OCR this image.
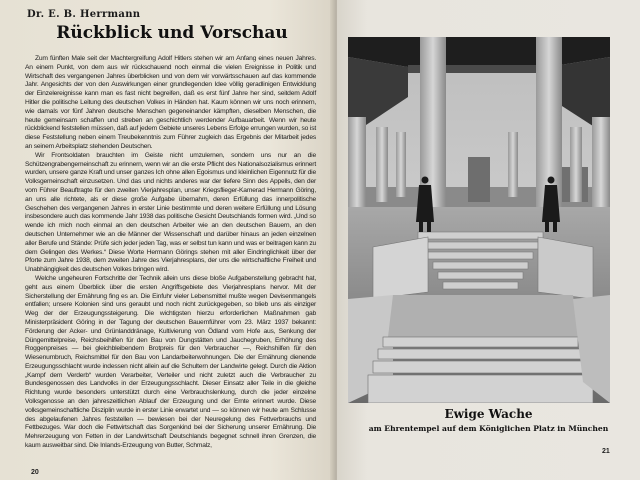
Dr. E. B. Herrmann
Rückblick und Vorschau

Zum fünften Male seit der Machtergreifung Adolf Hitlers stehen wir am Anfang eines neuen Jahres. An einem Punkt, von dem aus wir rückschauend noch einmal die vielen Ereignisse in Politik und Wirtschaft des vergangenen Jahres überblicken und von dem wir vorwärtsschauen auf das kommende Jahr. Angesichts der von den Auswirkungen einer grundlegenden Idee völlig geradlinigen Entwicklung der Einzelereignisse kann man es fast nicht begreifen, daß es erst fünf Jahre her sind, seitdem Adolf Hitler die politische Leitung des deutschen Volkes in Händen hat. Kaum können wir uns noch erinnern, wie damals vor fünf Jahren deutsche Menschen gegeneinander kämpften, dieselben Menschen, die heute gemeinsam schaffen und streben an geschichtlich werdender Aufbauarbeit. Wenn wir heute rückblickend feststellen müssen, daß auf jedem Gebiete unseres Lebens Erfolge errungen wurden, so ist diese Feststellung neben einem Treubekenntnis zum Führer zugleich das Ergebnis der Mitarbeit jedes an seinem Arbeitsplatz stehenden Deutschen.

Wir Frontsoldaten brauchten im Geiste nicht umzulernen, sondern uns nur an die Schützengrabengemeinschaft zu erinnern, wenn wir an die erste Pflicht des Nationalsozialismus erinnert wurden, unsere ganze Kraft und unser ganzes Ich ohne allen Egoismus und kleinlichen Eigennutz für die Volksgemeinschaft einzusetzen. Und das und nichts anderes war der tiefere Sinn des Appells, den der vom Führer Beauftragte für den zweiten Vierjahresplan, unser Kriegsflieger-Kamerad Hermann Göring, an uns alle richtete, als er diese große Aufgabe übernahm, deren Erfüllung das innerpolitische Geschehen des vergangenen Jahres in erster Linie bestimmte und deren weitere Erfüllung und Lösung insbesondere auch das kommende Jahr 1938 das politische Gesicht Deutschlands formen wird. „Und so wende ich mich noch einmal an den deutschen Arbeiter wie an den deutschen Bauern, an den deutschen Unternehmer wie an die Männer der Wissenschaft und darüber hinaus an jeden einzelnen aller Berufe und Stände: Prüfe sich jeder jeden Tag, was er selbst tun kann und was er beitragen kann zu dem Gelingen des Werkes.“ Diese Worte Hermann Görings stehen mit aller Eindringlichkeit über der Pforte zum Jahre 1938, dem zweiten Jahre des Vierjahresplans, der uns die wirtschaftliche Freiheit und Unabhängigkeit des deutschen Volkes bringen wird.

Welche ungeheuren Fortschritte der Technik allein uns diese bloße Aufgabenstellung gebracht hat, geht aus einem Überblick über die ersten Angriffsgebiete des Vierjahresplans hervor. Mit der Sicherstellung der Ernährung fing es an. Die Einfuhr vieler Lebensmittel mußte wegen Devisenmangels entfallen; unsere Kolonien sind uns geraubt und noch nicht zurückgegeben, so blieb uns als einziger Weg der der Erzeugungssteigerung. Die wichtigsten hierzu erforderlichen Maßnahmen gab Ministerpräsident Göring in der Tagung der deutschen Bauernführer vom 23. März 1937 bekannt: Förderung der Acker- und Grünlanddränage, Kultivierung von Ödland vom Hofe aus, Senkung der Düngemittelpreise, Reichsbeihilfen für den Bau von Dungstätten und Jauchegruben, Erhöhung des Roggenpreises — bei gleichbleibendem Brotpreis für den Verbraucher —, Reichshilfen für den Wiesenumbruch, Reichsmittel für den Bau von Landarbeiterwohnungen. Die der Ernährung dienende Erzeugungsschlacht wurde indessen nicht allein auf die Schultern der Landwirte gelegt. Durch die Aktion „Kampf dem Verderb“ wurden Verarbeiter, Verteiler und nicht zuletzt auch die Verbraucher zu Bundesgenossen des Landvolks in der Erzeugungsschlacht. Dieser Einsatz aller Teile in die gleiche Richtung wurde besonders unterstützt durch eine Verbrauchslenkung, durch die jeder einzelne Volksgenosse an den jahreszeitlichen Ablauf der Erzeugung und der Ernte erinnert wurde. Diese volksgemeinschaftliche Disziplin wurde in erster Linie erwartet und — so können wir heute am Schlusse des abgelaufenen Jahres feststellen — bewiesen bei der Neuregelung des Fettverbrauchs und Fettbezuges. War doch die Fettwirtschaft das Sorgenkind bei der Sicherung unserer Ernährung. Die Mehrerzeugung von Fetten in der Landwirtschaft Deutschlands begegnet schnell ihren Grenzen, die kaum ausweitbar sind. Die Inlands-Erzeugung von Butter, Schmalz,

20
Ewige Wache
am Ehrentempel auf dem Königlichen Platz in München
21
